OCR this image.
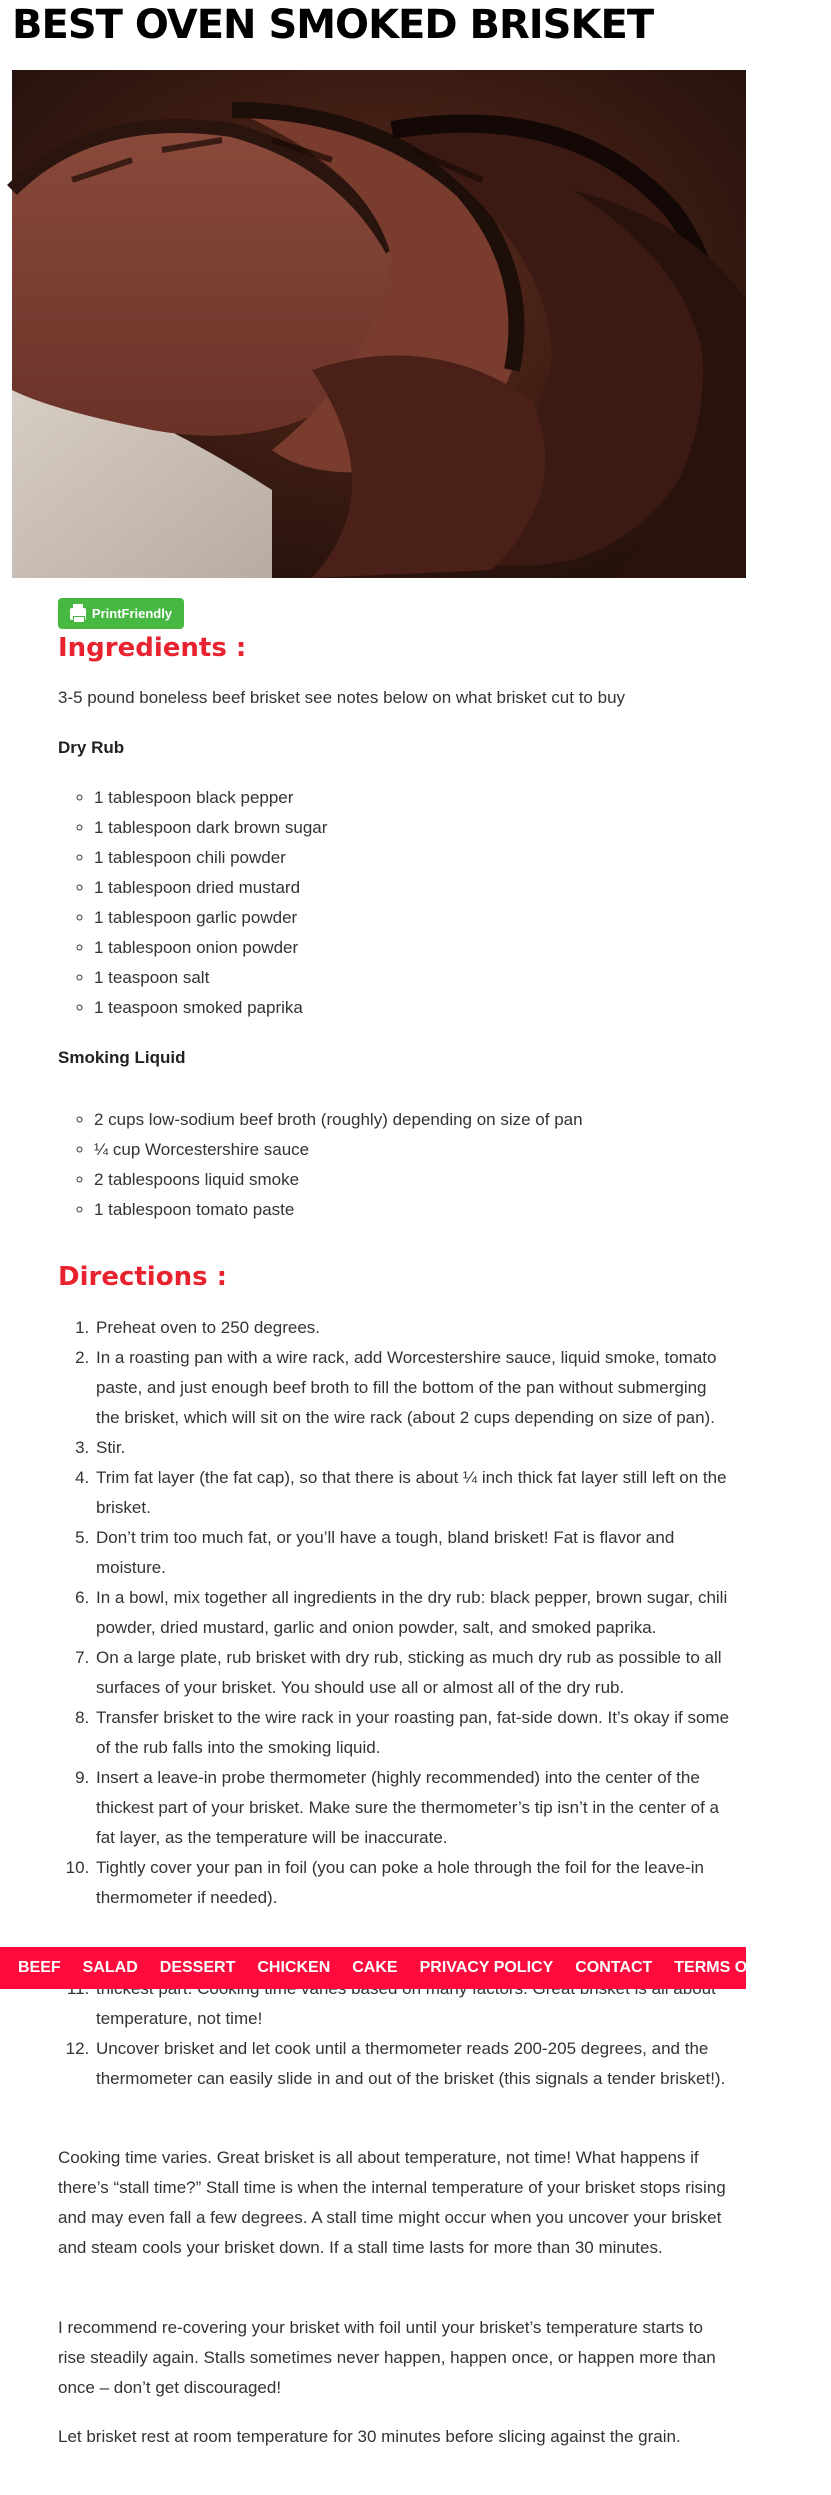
BEST OVEN SMOKED BRISKET
PrintFriendly
Ingredients :

3-5 pound boneless beef brisket see notes below on what brisket cut to buy

Dry Rub

◦ 1 tablespoon black pepper
◦ 1 tablespoon dark brown sugar
◦ 1 tablespoon chili powder
◦ 1 tablespoon dried mustard
◦ 1 tablespoon garlic powder
◦ 1 tablespoon onion powder
◦ 1 teaspoon salt
◦ 1 teaspoon smoked paprika

Smoking Liquid

◦ 2 cups low-sodium beef broth (roughly) depending on size of pan
◦ ¼ cup Worcestershire sauce
◦ 2 tablespoons liquid smoke
◦ 1 tablespoon tomato paste
Directions :
1. Preheat oven to 250 degrees.
2. In a roasting pan with a wire rack, add Worcestershire sauce, liquid smoke, tomato paste, and just enough beef broth to fill the bottom of the pan without submerging the brisket, which will sit on the wire rack (about 2 cups depending on size of pan).
3. Stir.
4. Trim fat layer (the fat cap), so that there is about ¼ inch thick fat layer still left on the brisket.
5. Don’t trim too much fat, or you’ll have a tough, bland brisket! Fat is flavor and moisture.
6. In a bowl, mix together all ingredients in the dry rub: black pepper, brown sugar, chili powder, dried mustard, garlic and onion powder, salt, and smoked paprika.
7. On a large plate, rub brisket with dry rub, sticking as much dry rub as possible to all surfaces of your brisket. You should use all or almost all of the dry rub.
8. Transfer brisket to the wire rack in your roasting pan, fat-side down. It’s okay if some of the rub falls into the smoking liquid.
9. Insert a leave-in probe thermometer (highly recommended) into the center of the thickest part of your brisket. Make sure the thermometer’s tip isn’t in the center of a fat layer, as the temperature will be inaccurate.
10. Tightly cover your pan in foil (you can poke a hole through the foil for the leave-in thermometer if needed).
11. temperature, not time!
12. Uncover brisket and let cook until a thermometer reads 200-205 degrees, and the thermometer can easily slide in and out of the brisket (this signals a tender brisket!).

Cooking time varies. Great brisket is all about temperature, not time! What happens if there’s “stall time?” Stall time is when the internal temperature of your brisket stops rising and may even fall a few degrees. A stall time might occur when you uncover your brisket and steam cools your brisket down. If a stall time lasts for more than 30 minutes.

I recommend re-covering your brisket with foil until your brisket’s temperature starts to rise steadily again. Stalls sometimes never happen, happen once, or happen more than once – don’t get discouraged!

Let brisket rest at room temperature for 30 minutes before slicing against the grain.

BEEF SALAD DESSERT CHICKEN CAKE PRIVACY POLICY CONTACT TERMS OF SERVICE
